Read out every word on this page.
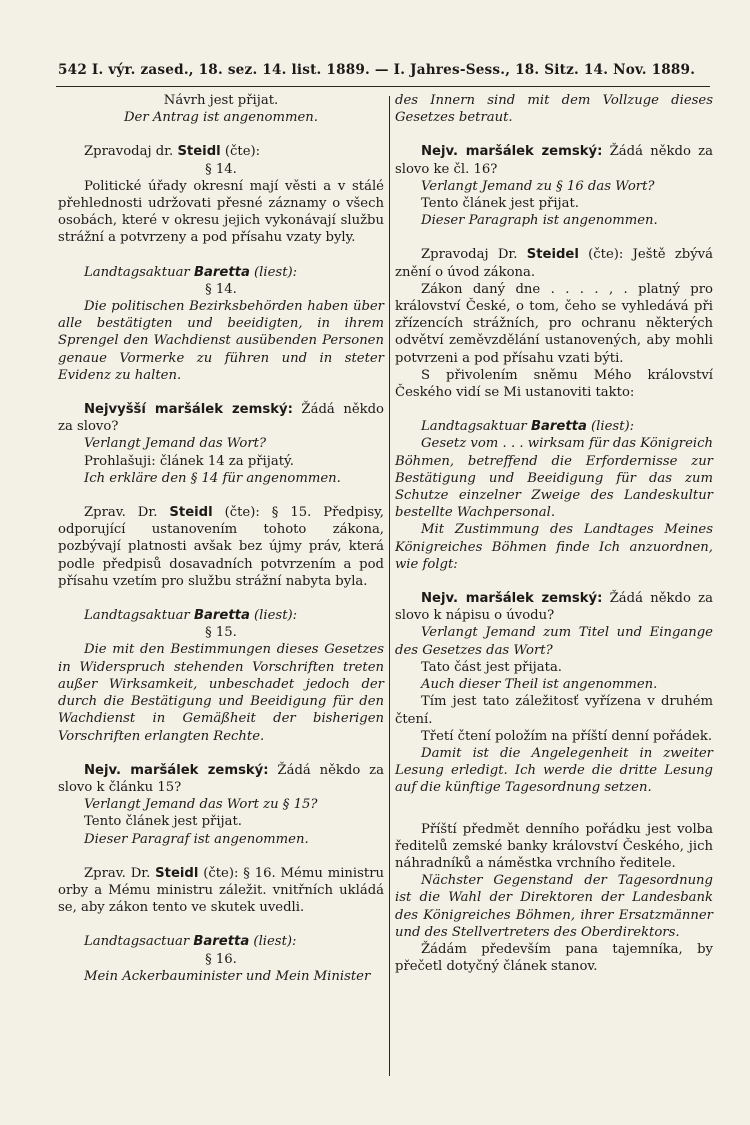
542 I. výr. zased., 18. sez. 14. list. 1889. — I. Jahres-Sess., 18. Sitz. 14. Nov. 1889.

Návrh jest přijat.

Der Antrag ist angenommen.

Zpravodaj dr. Steidl (čte):

§ 14.

Politické úřady okresní mají věsti a v stálé přehlednosti udržovati přesné záznamy o všech osobách, které v okresu jejich vykonávají službu strážní a potvrzeny a pod přísahu vzaty byly.

Landtagsaktuar Baretta (liest):

§ 14.

Die politischen Bezirksbehörden haben über alle bestätigten und beeidigten, in ihrem Sprengel den Wachdienst ausübenden Personen genaue Vormerke zu führen und in steter Evidenz zu halten.

Nejvyšší maršálek zemský: Žádá někdo za slovo?

Verlangt Jemand das Wort?

Prohlašuji: článek 14 za přijatý.

Ich erkläre den § 14 für angenommen.

Zprav. Dr. Steidl (čte): § 15. Předpisy, odporující ustanovením tohoto zákona, pozbývají platnosti avšak bez újmy práv, která podle předpisů dosavadních potvrzením a pod přísahu vzetím pro službu strážní nabyta byla.

Landtagsaktuar Baretta (liest):

§ 15.

Die mit den Bestimmungen dieses Gesetzes in Widerspruch stehenden Vorschriften treten außer Wirksamkeit, unbeschadet jedoch der durch die Bestätigung und Beeidigung für den Wachdienst in Gemäßheit der bisherigen Vorschriften erlangten Rechte.

Nejv. maršálek zemský: Žádá někdo za slovo k článku 15?

Verlangt Jemand das Wort zu § 15?

Tento článek jest přijat.

Dieser Paragraf ist angenommen.

Zprav. Dr. Steidl (čte): § 16. Mému ministru orby a Mému ministru záležit. vnitřních ukládá se, aby zákon tento ve skutek uvedli.

Landtagsactuar Baretta (liest):

§ 16.

Mein Ackerbauminister und Mein Minister

des Innern sind mit dem Vollzuge dieses Gesetzes betraut.

Nejv. maršálek zemský: Žádá někdo za slovo ke čl. 16?

Verlangt Jemand zu § 16 das Wort?

Tento článek jest přijat.

Dieser Paragraph ist angenommen.

Zpravodaj Dr. Steidel (čte): Ještě zbývá znění o úvod zákona.

Zákon daný dne . . . . , . platný pro království České, o tom, čeho se vyhledává při zřízencích strážních, pro ochranu některých odvětví zeměvzdělání ustanovených, aby mohli potvrzeni a pod přísahu vzati býti.

S přivolením sněmu Mého království Českého vidí se Mi ustanoviti takto:

Landtagsaktuar Baretta (liest):

Gesetz vom . . . wirksam für das Königreich Böhmen, betreffend die Erfordernisse zur Bestätigung und Beeidigung für das zum Schutze einzelner Zweige des Landeskultur bestellte Wachpersonal.

Mit Zustimmung des Landtages Meines Königreiches Böhmen finde Ich anzuordnen, wie folgt:

Nejv. maršálek zemský: Žádá někdo za slovo k nápisu o úvodu?

Verlangt Jemand zum Titel und Eingange des Gesetzes das Wort?

Tato část jest přijata.

Auch dieser Theil ist angenommen.

Tím jest tato záležitosť vyřízena v druhém čtení.

Třetí čtení položím na příští denní pořádek.

Damit ist die Angelegenheit in zweiter Lesung erledigt. Ich werde die dritte Lesung auf die künftige Tagesordnung setzen.

Příští předmět denního pořádku jest volba ředitelů zemské banky království Českého, jich náhradníků a náměstka vrchního ředitele.

Nächster Gegenstand der Tagesordnung ist die Wahl der Direktoren der Landesbank des Königreiches Böhmen, ihrer Ersatzmänner und des Stellvertreters des Oberdirektors.

Žádám především pana tajemníka, by přečetl dotyčný článek stanov.
